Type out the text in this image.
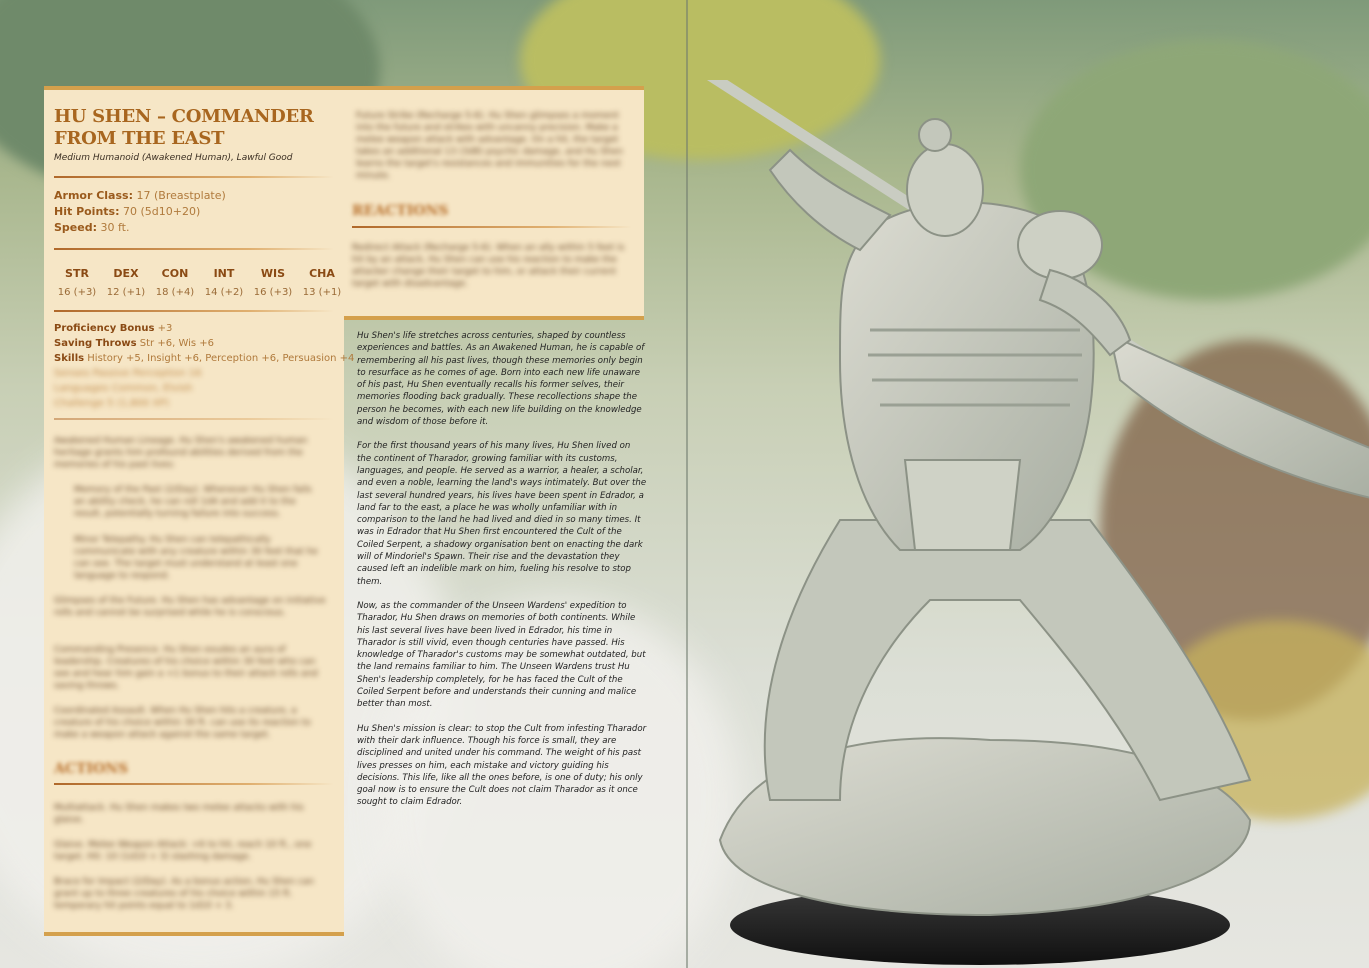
HU SHEN – COMMANDER FROM THE EAST
Medium Humanoid (Awakened Human), Lawful Good
Armor Class: 17 (Breastplate)
Hit Points: 70 (5d10+20)
Speed: 30 ft.
STR
16 (+3)
DEX
12 (+1)
CON
18 (+4)
INT
14 (+2)
WIS
16 (+3)
CHA
13 (+1)
Proficiency Bonus +3
Saving Throws Str +6, Wis +6
Skills History +5, Insight +6, Perception +6, Persuasion +4
Senses Passive Perception 16
Languages Common, Elvish
Challenge 5 (1,800 XP)
Awakened Human Lineage. Hu Shen's awakened human heritage grants him profound abilities derived from the memories of his past lives:
Memory of the Past (2/Day). Whenever Hu Shen fails an ability check, he can roll 1d4 and add it to the result, potentially turning failure into success.
Minor Telepathy. Hu Shen can telepathically communicate with any creature within 30 feet that he can see. The target must understand at least one language to respond.
Glimpses of the Future. Hu Shen has advantage on initiative rolls and cannot be surprised while he is conscious.
Commanding Presence. Hu Shen exudes an aura of leadership. Creatures of his choice within 30 feet who can see and hear him gain a +1 bonus to their attack rolls and saving throws.
Coordinated Assault. When Hu Shen hits a creature, a creature of his choice within 30 ft. can use its reaction to make a weapon attack against the same target.
ACTIONS
Multiattack. Hu Shen makes two melee attacks with his glaive.
Glaive. Melee Weapon Attack: +6 to hit, reach 10 ft., one target. Hit: 10 (1d10 + 3) slashing damage.
Brace for Impact (2/Day). As a bonus action, Hu Shen can grant up to three creatures of his choice within 15 ft. temporary hit points equal to 1d10 + 3.
Future Strike (Recharge 5-6). Hu Shen glimpses a moment into the future and strikes with uncanny precision. Make a melee weapon attack with advantage. On a hit, the target takes an additional 13 (3d8) psychic damage, and Hu Shen learns the target's resistances and immunities for the next minute.
REACTIONS
Redirect Attack (Recharge 5-6). When an ally within 5 feet is hit by an attack, Hu Shen can use his reaction to make the attacker change their target to him, or attack their current target with disadvantage.

Hu Shen's life stretches across centuries, shaped by countless experiences and battles. As an Awakened Human, he is capable of remembering all his past lives, though these memories only begin to resurface as he comes of age. Born into each new life unaware of his past, Hu Shen eventually recalls his former selves, their memories flooding back gradually. These recollections shape the person he becomes, with each new life building on the knowledge and wisdom of those before it.

For the first thousand years of his many lives, Hu Shen lived on the continent of Tharador, growing familiar with its customs, languages, and people. He served as a warrior, a healer, a scholar, and even a noble, learning the land's ways intimately. But over the last several hundred years, his lives have been spent in Edrador, a land far to the east, a place he was wholly unfamiliar with in comparison to the land he had lived and died in so many times. It was in Edrador that Hu Shen first encountered the Cult of the Coiled Serpent, a shadowy organisation bent on enacting the dark will of Mindoriel's Spawn. Their rise and the devastation they caused left an indelible mark on him, fueling his resolve to stop them.

Now, as the commander of the Unseen Wardens' expedition to Tharador, Hu Shen draws on memories of both continents. While his last several lives have been lived in Edrador, his time in Tharador is still vivid, even though centuries have passed. His knowledge of Tharador's customs may be somewhat outdated, but the land remains familiar to him. The Unseen Wardens trust Hu Shen's leadership completely, for he has faced the Cult of the Coiled Serpent before and understands their cunning and malice better than most.

Hu Shen's mission is clear: to stop the Cult from infesting Tharador with their dark influence. Though his force is small, they are disciplined and united under his command. The weight of his past lives presses on him, each mistake and victory guiding his decisions. This life, like all the ones before, is one of duty; his only goal now is to ensure the Cult does not claim Tharador as it once sought to claim Edrador.
